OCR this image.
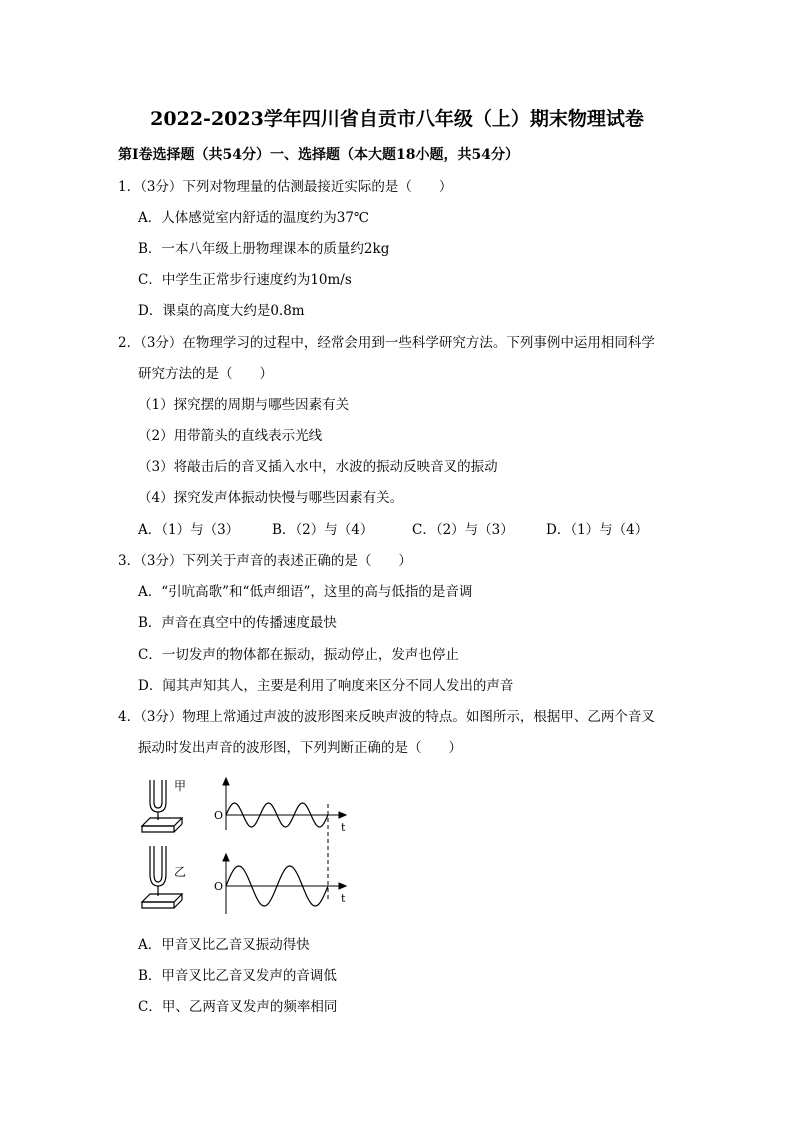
2022-2023学年四川省自贡市八年级（上）期末物理试卷
第Ⅰ卷选择题（共54分）一、选择题（本大题18小题，共54分）
1．（3分）下列对物理量的估测最接近实际的是（　　）
A．人体感觉室内舒适的温度约为37℃
B．一本八年级上册物理课本的质量约2kg
C．中学生正常步行速度约为10m/s
D．课桌的高度大约是0.8m
2．（3分）在物理学习的过程中，经常会用到一些科学研究方法。下列事例中运用相同科学
研究方法的是（　　）
（1）探究摆的周期与哪些因素有关
（2）用带箭头的直线表示光线
（3）将敲击后的音叉插入水中，水波的振动反映音叉的振动
（4）探究发声体振动快慢与哪些因素有关。
A．（1）与（3） B．（2）与（4）	C．（2）与（3） D．（1）与（4）
3．（3分）下列关于声音的表述正确的是（　　）
A．“引吭高歌”和“低声细语”，这里的高与低指的是音调
B．声音在真空中的传播速度最快
C．一切发声的物体都在振动，振动停止，发声也停止
D．闻其声知其人，主要是利用了响度来区分不同人发出的声音
4．（3分）物理上常通过声波的波形图来反映声波的特点。如图所示，根据甲、乙两个音叉
振动时发出声音的波形图，下列判断正确的是（　　）
甲
乙
O
t
O
t
A．甲音叉比乙音叉振动得快
B．甲音叉比乙音叉发声的音调低
C．甲、乙两音叉发声的频率相同
